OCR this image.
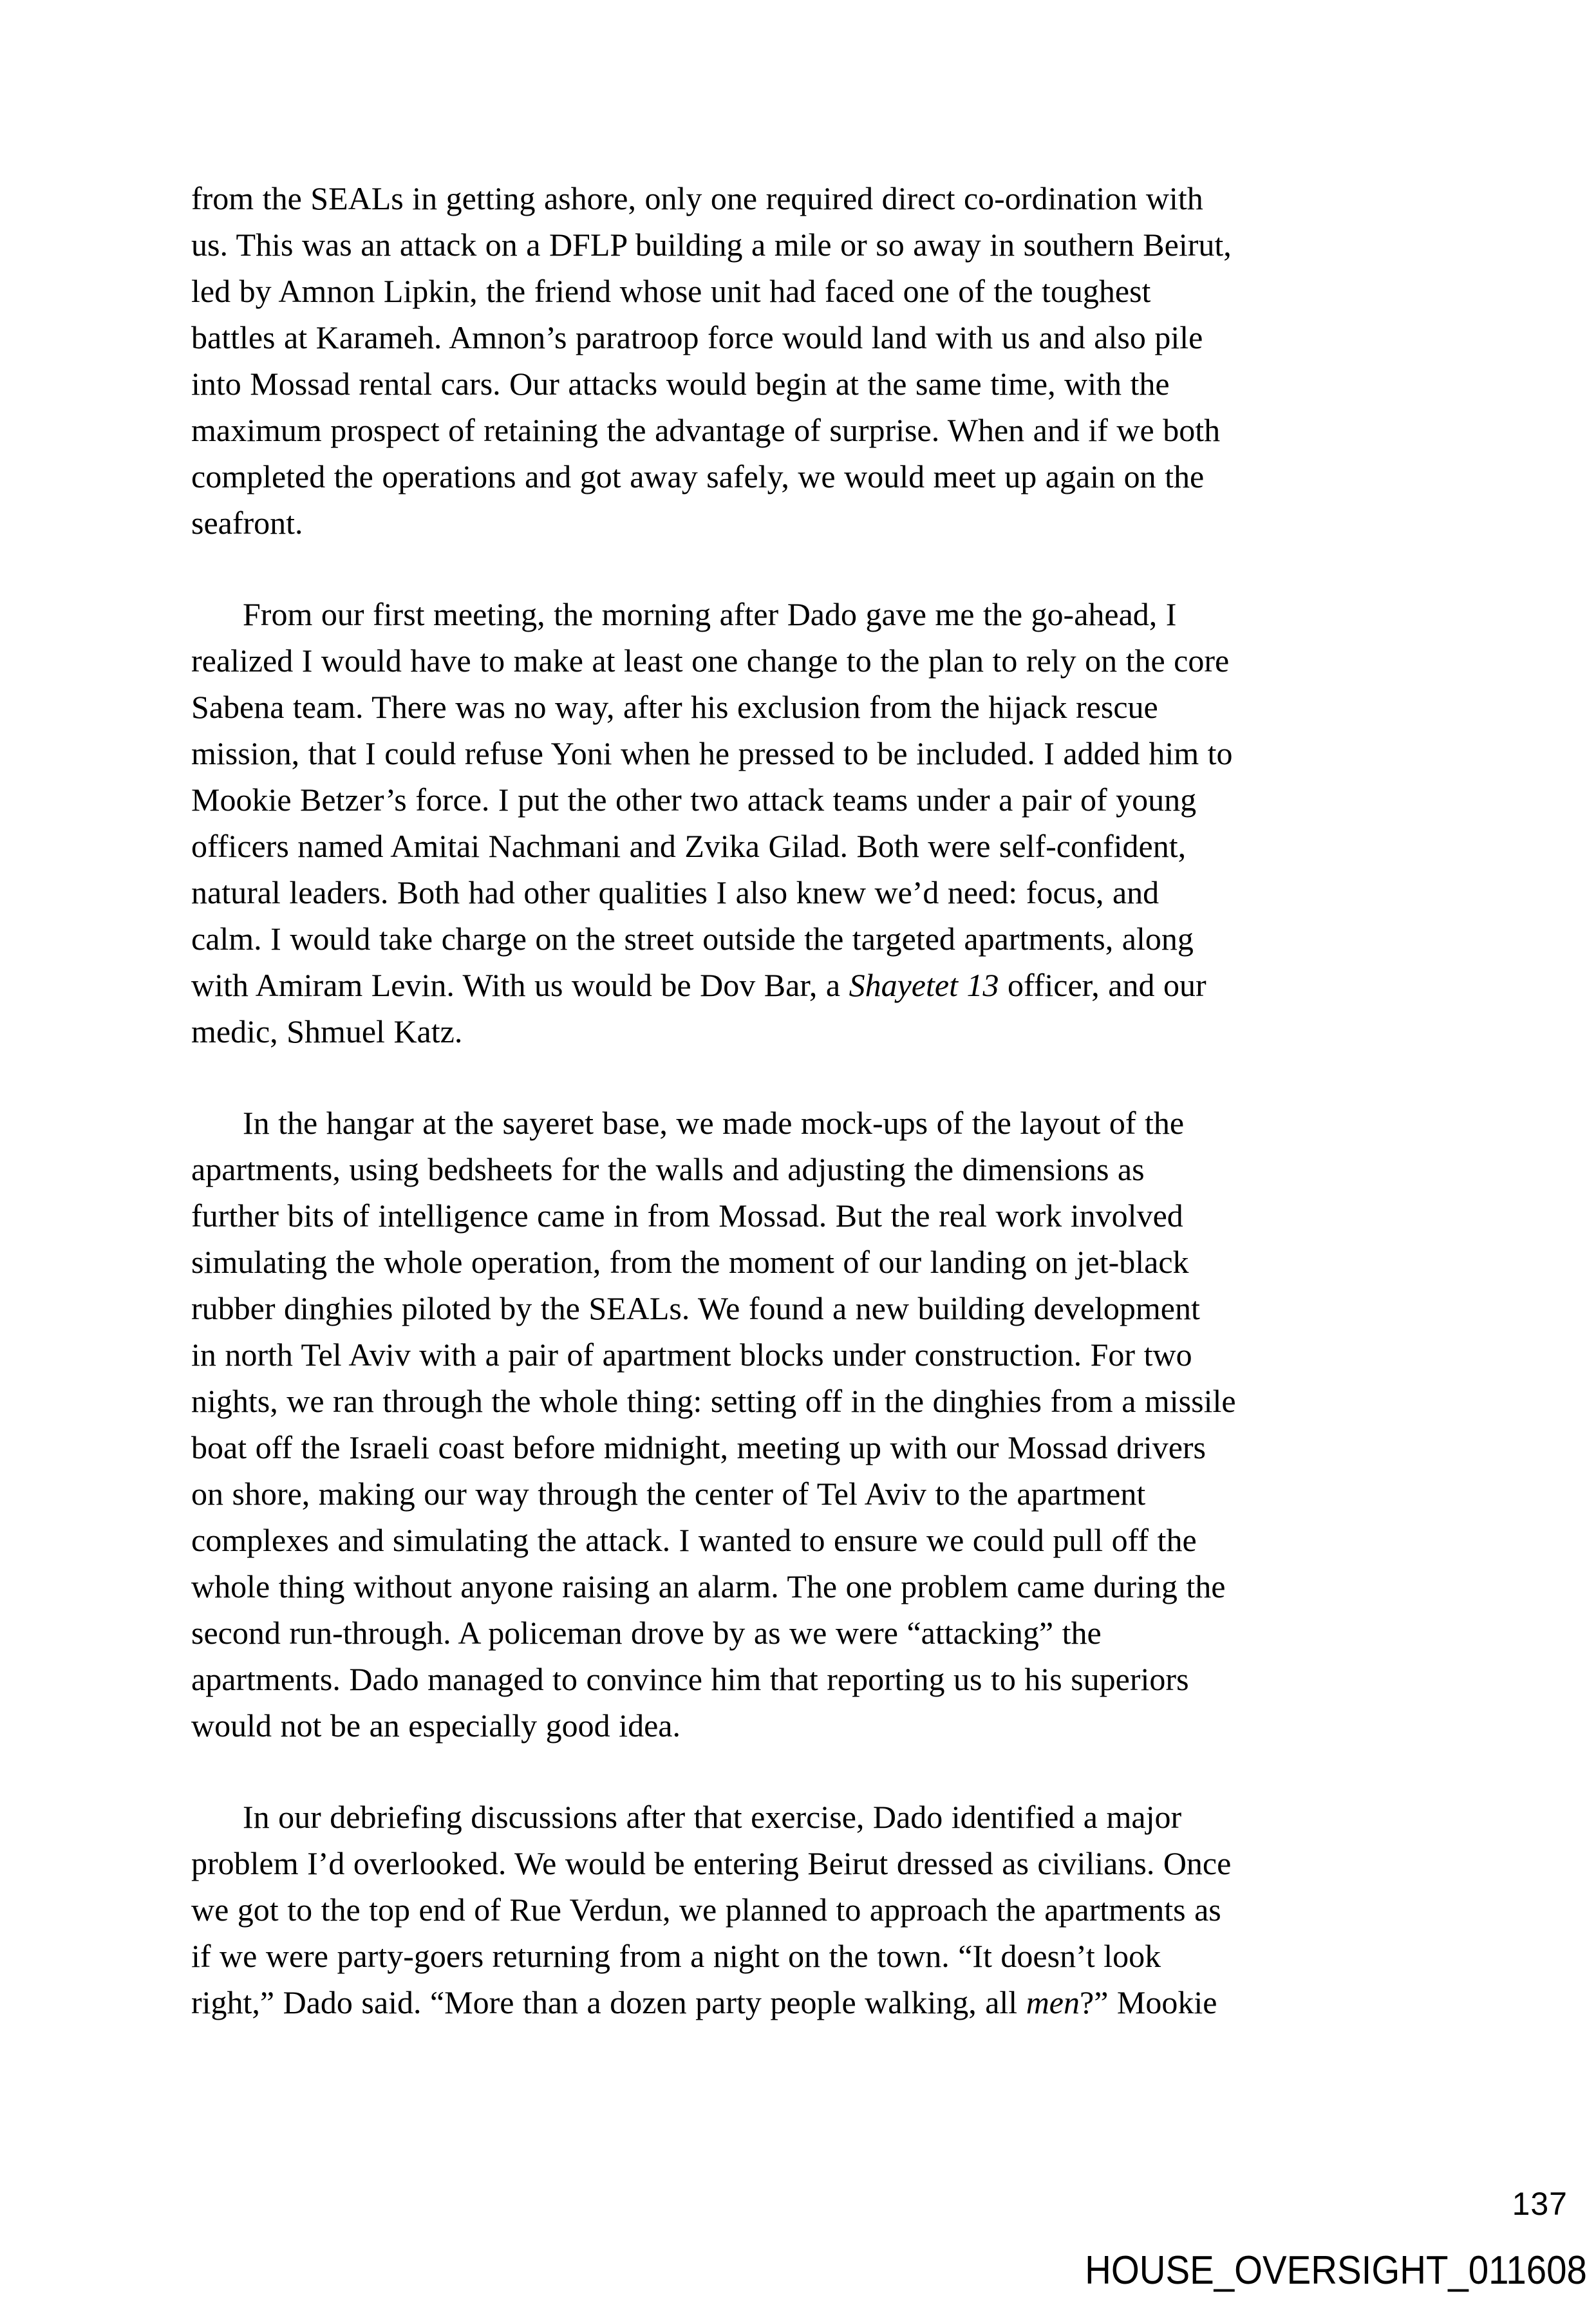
from the SEALs in getting ashore, only one required direct co-ordination with
us. This was an attack on a DFLP building a mile or so away in southern Beirut,
led by Amnon Lipkin, the friend whose unit had faced one of the toughest
battles at Karameh. Amnon’s paratroop force would land with us and also pile
into Mossad rental cars. Our attacks would begin at the same time, with the
maximum prospect of retaining the advantage of surprise. When and if we both
completed the operations and got away safely, we would meet up again on the
seafront.
From our first meeting, the morning after Dado gave me the go-ahead, I
realized I would have to make at least one change to the plan to rely on the core
Sabena team. There was no way, after his exclusion from the hijack rescue
mission, that I could refuse Yoni when he pressed to be included. I added him to
Mookie Betzer’s force. I put the other two attack teams under a pair of young
officers named Amitai Nachmani and Zvika Gilad. Both were self-confident,
natural leaders. Both had other qualities I also knew we’d need: focus, and
calm. I would take charge on the street outside the targeted apartments, along
with Amiram Levin. With us would be Dov Bar, a Shayetet 13 officer, and our
medic, Shmuel Katz.
In the hangar at the sayeret base, we made mock-ups of the layout of the
apartments, using bedsheets for the walls and adjusting the dimensions as
further bits of intelligence came in from Mossad. But the real work involved
simulating the whole operation, from the moment of our landing on jet-black
rubber dinghies piloted by the SEALs. We found a new building development
in north Tel Aviv with a pair of apartment blocks under construction. For two
nights, we ran through the whole thing: setting off in the dinghies from a missile
boat off the Israeli coast before midnight, meeting up with our Mossad drivers
on shore, making our way through the center of Tel Aviv to the apartment
complexes and simulating the attack. I wanted to ensure we could pull off the
whole thing without anyone raising an alarm. The one problem came during the
second run-through. A policeman drove by as we were “attacking” the
apartments. Dado managed to convince him that reporting us to his superiors
would not be an especially good idea.
In our debriefing discussions after that exercise, Dado identified a major
problem I’d overlooked. We would be entering Beirut dressed as civilians. Once
we got to the top end of Rue Verdun, we planned to approach the apartments as
if we were party-goers returning from a night on the town. “It doesn’t look
right,” Dado said. “More than a dozen party people walking, all men?” Mookie
137
HOUSE_OVERSIGHT_011608
